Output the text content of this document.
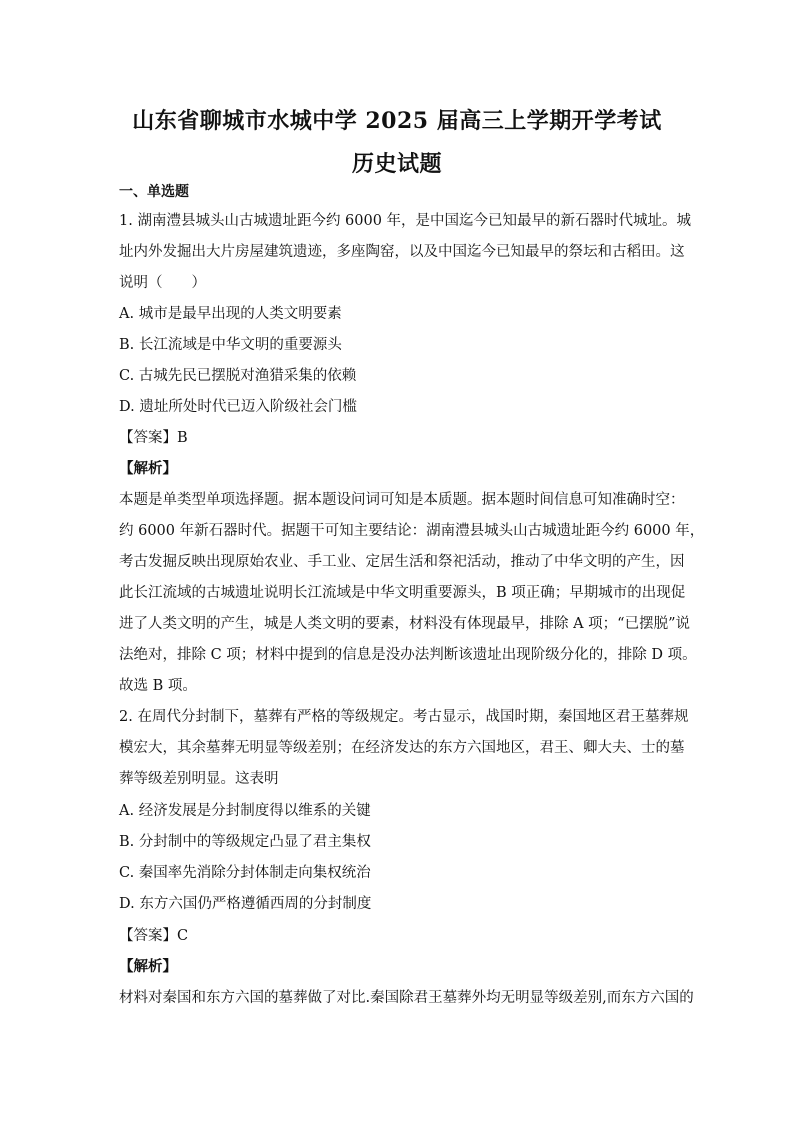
山东省聊城市水城中学 2025 届高三上学期开学考试
历史试题
一、单选题
1. 湖南澧县城头山古城遗址距今约 6000 年，是中国迄今已知最早的新石器时代城址。城
址内外发掘出大片房屋建筑遗迹，多座陶窑，以及中国迄今已知最早的祭坛和古稻田。这
说明（　　）
A. 城市是最早出现的人类文明要素
B. 长江流域是中华文明的重要源头
C. 古城先民已摆脱对渔猎采集的依赖
D. 遗址所处时代已迈入阶级社会门槛
【答案】B
【解析】
本题是单类型单项选择题。据本题设问词可知是本质题。据本题时间信息可知准确时空：
约 6000 年新石器时代。据题干可知主要结论：湖南澧县城头山古城遗址距今约 6000 年，
考古发掘反映出现原始农业、手工业、定居生活和祭祀活动，推动了中华文明的产生，因
此长江流域的古城遗址说明长江流域是中华文明重要源头，B 项正确；早期城市的出现促
进了人类文明的产生，城是人类文明的要素，材料没有体现最早，排除 A 项；“已摆脱”说
法绝对，排除 C 项；材料中提到的信息是没办法判断该遗址出现阶级分化的，排除 D 项。
故选 B 项。
2. 在周代分封制下，墓葬有严格的等级规定。考古显示，战国时期，秦国地区君王墓葬规
模宏大，其余墓葬无明显等级差别；在经济发达的东方六国地区，君王、卿大夫、士的墓
葬等级差别明显。这表明
A. 经济发展是分封制度得以维系的关键
B. 分封制中的等级规定凸显了君主集权
C. 秦国率先消除分封体制走向集权统治
D. 东方六国仍严格遵循西周的分封制度
【答案】C
【解析】
材料对秦国和东方六国的墓葬做了对比.秦国除君王墓葬外均无明显等级差别,而东方六国的
